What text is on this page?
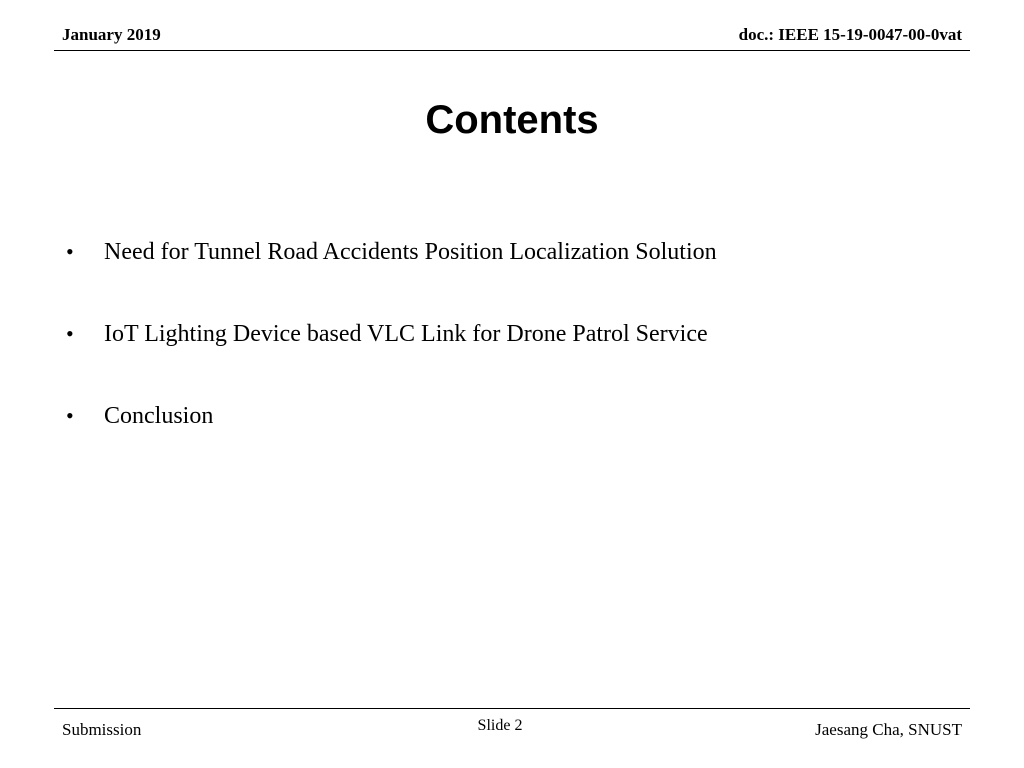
January 2019	doc.: IEEE 15-19-0047-00-0vat
Contents
• Need for Tunnel Road Accidents Position Localization Solution
• IoT Lighting Device based VLC Link for Drone Patrol Service
• Conclusion
Submission	Slide 2	Jaesang Cha, SNUST
